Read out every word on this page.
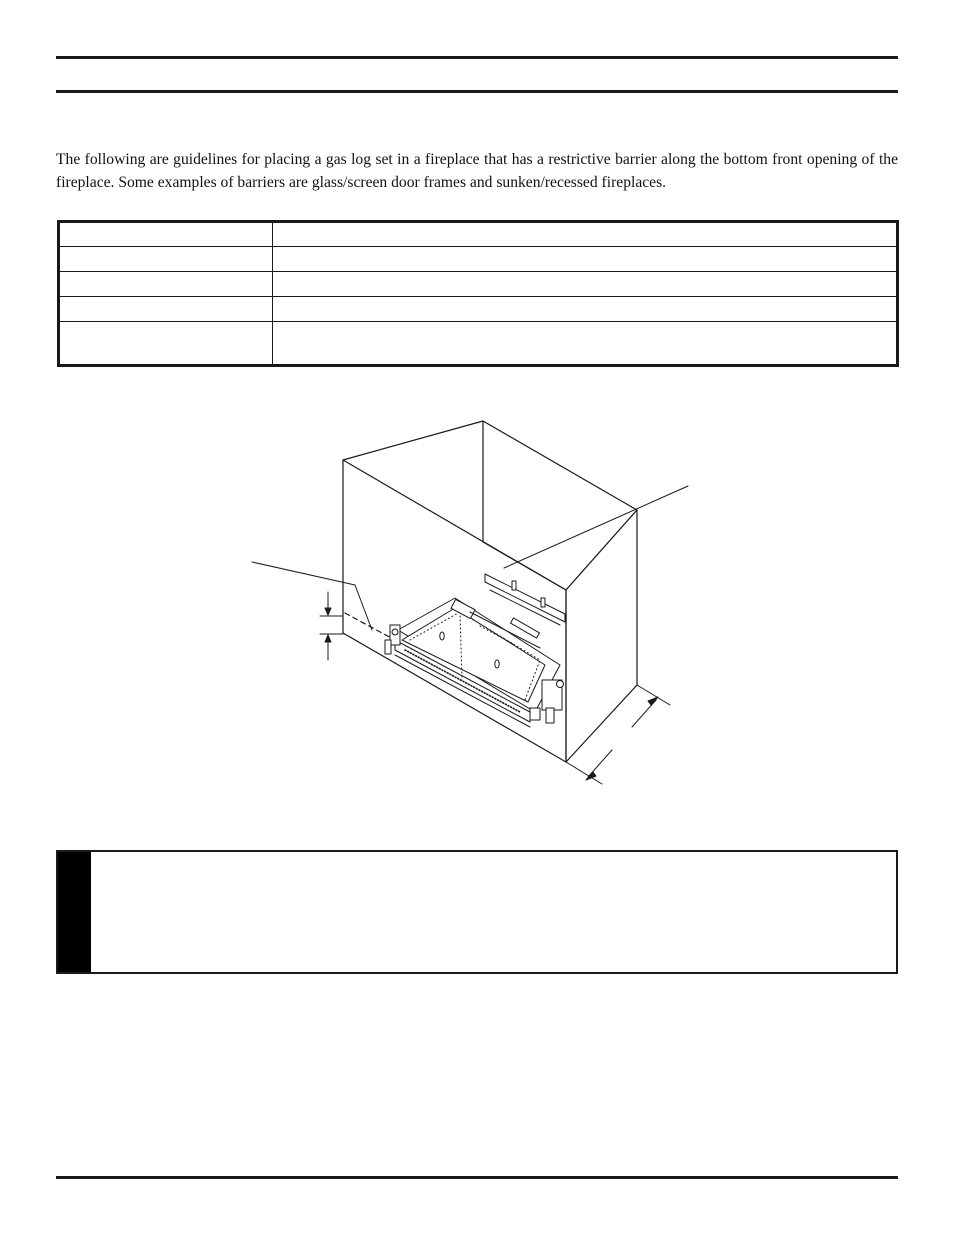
The following are guidelines for placing a gas log set in a fireplace that has a restrictive barrier along the bottom front opening of the fireplace. Some examples of barriers are glass/screen door frames and sunken/recessed fireplaces.
